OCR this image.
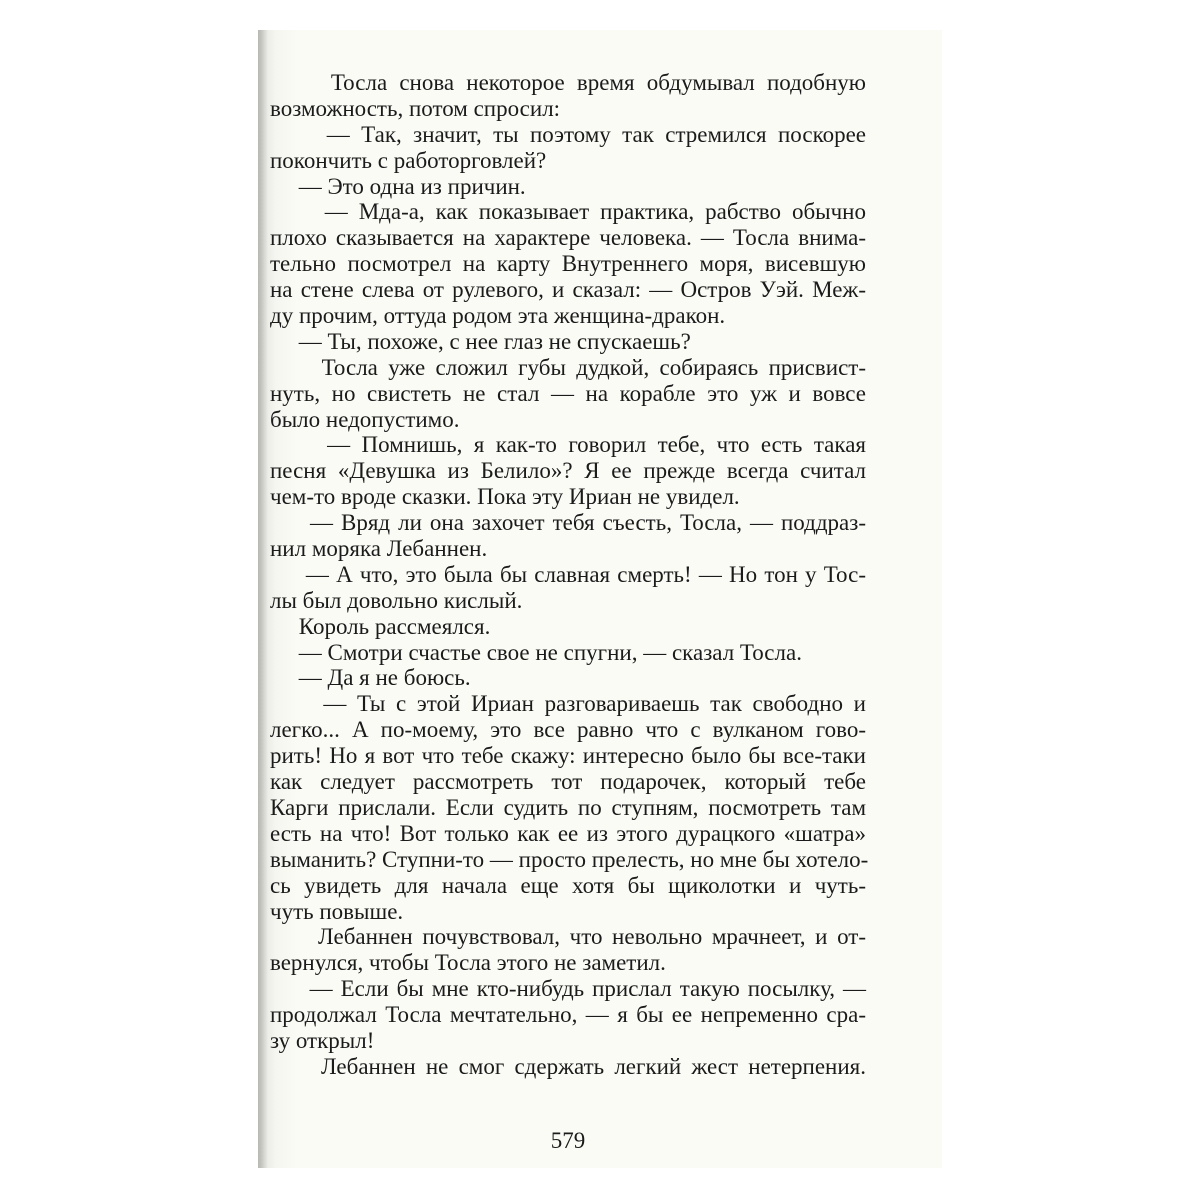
Тосла снова некоторое время обдумывал подобную
возможность, потом спросил:
— Так, значит, ты поэтому так стремился поскорее
покончить с работорговлей?
— Это одна из причин.
— Мда-а, как показывает практика, рабство обычно
плохо сказывается на характере человека. — Тосла внима-
тельно посмотрел на карту Внутреннего моря, висевшую
на стене слева от рулевого, и сказал: — Остров Уэй. Меж-
ду прочим, оттуда родом эта женщина-дракон.
— Ты, похоже, с нее глаз не спускаешь?
Тосла уже сложил губы дудкой, собираясь присвист-
нуть, но свистеть не стал — на корабле это уж и вовсе
было недопустимо.
— Помнишь, я как-то говорил тебе, что есть такая
песня «Девушка из Белило»? Я ее прежде всегда считал
чем-то вроде сказки. Пока эту Ириан не увидел.
— Вряд ли она захочет тебя съесть, Тосла, — поддраз-
нил моряка Лебаннен.
— А что, это была бы славная смерть! — Но тон у Тос-
лы был довольно кислый.
Король рассмеялся.
— Смотри счастье свое не спугни, — сказал Тосла.
— Да я не боюсь.
— Ты с этой Ириан разговариваешь так свободно и
легко... А по-моему, это все равно что с вулканом гово-
рить! Но я вот что тебе скажу: интересно было бы все-таки
как следует рассмотреть тот подарочек, который тебе
Карги прислали. Если судить по ступням, посмотреть там
есть на что! Вот только как ее из этого дурацкого «шатра»
выманить? Ступни-то — просто прелесть, но мне бы хотело-
сь увидеть для начала еще хотя бы щиколотки и чуть-
чуть повыше.
Лебаннен почувствовал, что невольно мрачнеет, и от-
вернулся, чтобы Тосла этого не заметил.
— Если бы мне кто-нибудь прислал такую посылку, —
продолжал Тосла мечтательно, — я бы ее непременно сра-
зу открыл!
Лебаннен не смог сдержать легкий жест нетерпения.
579
